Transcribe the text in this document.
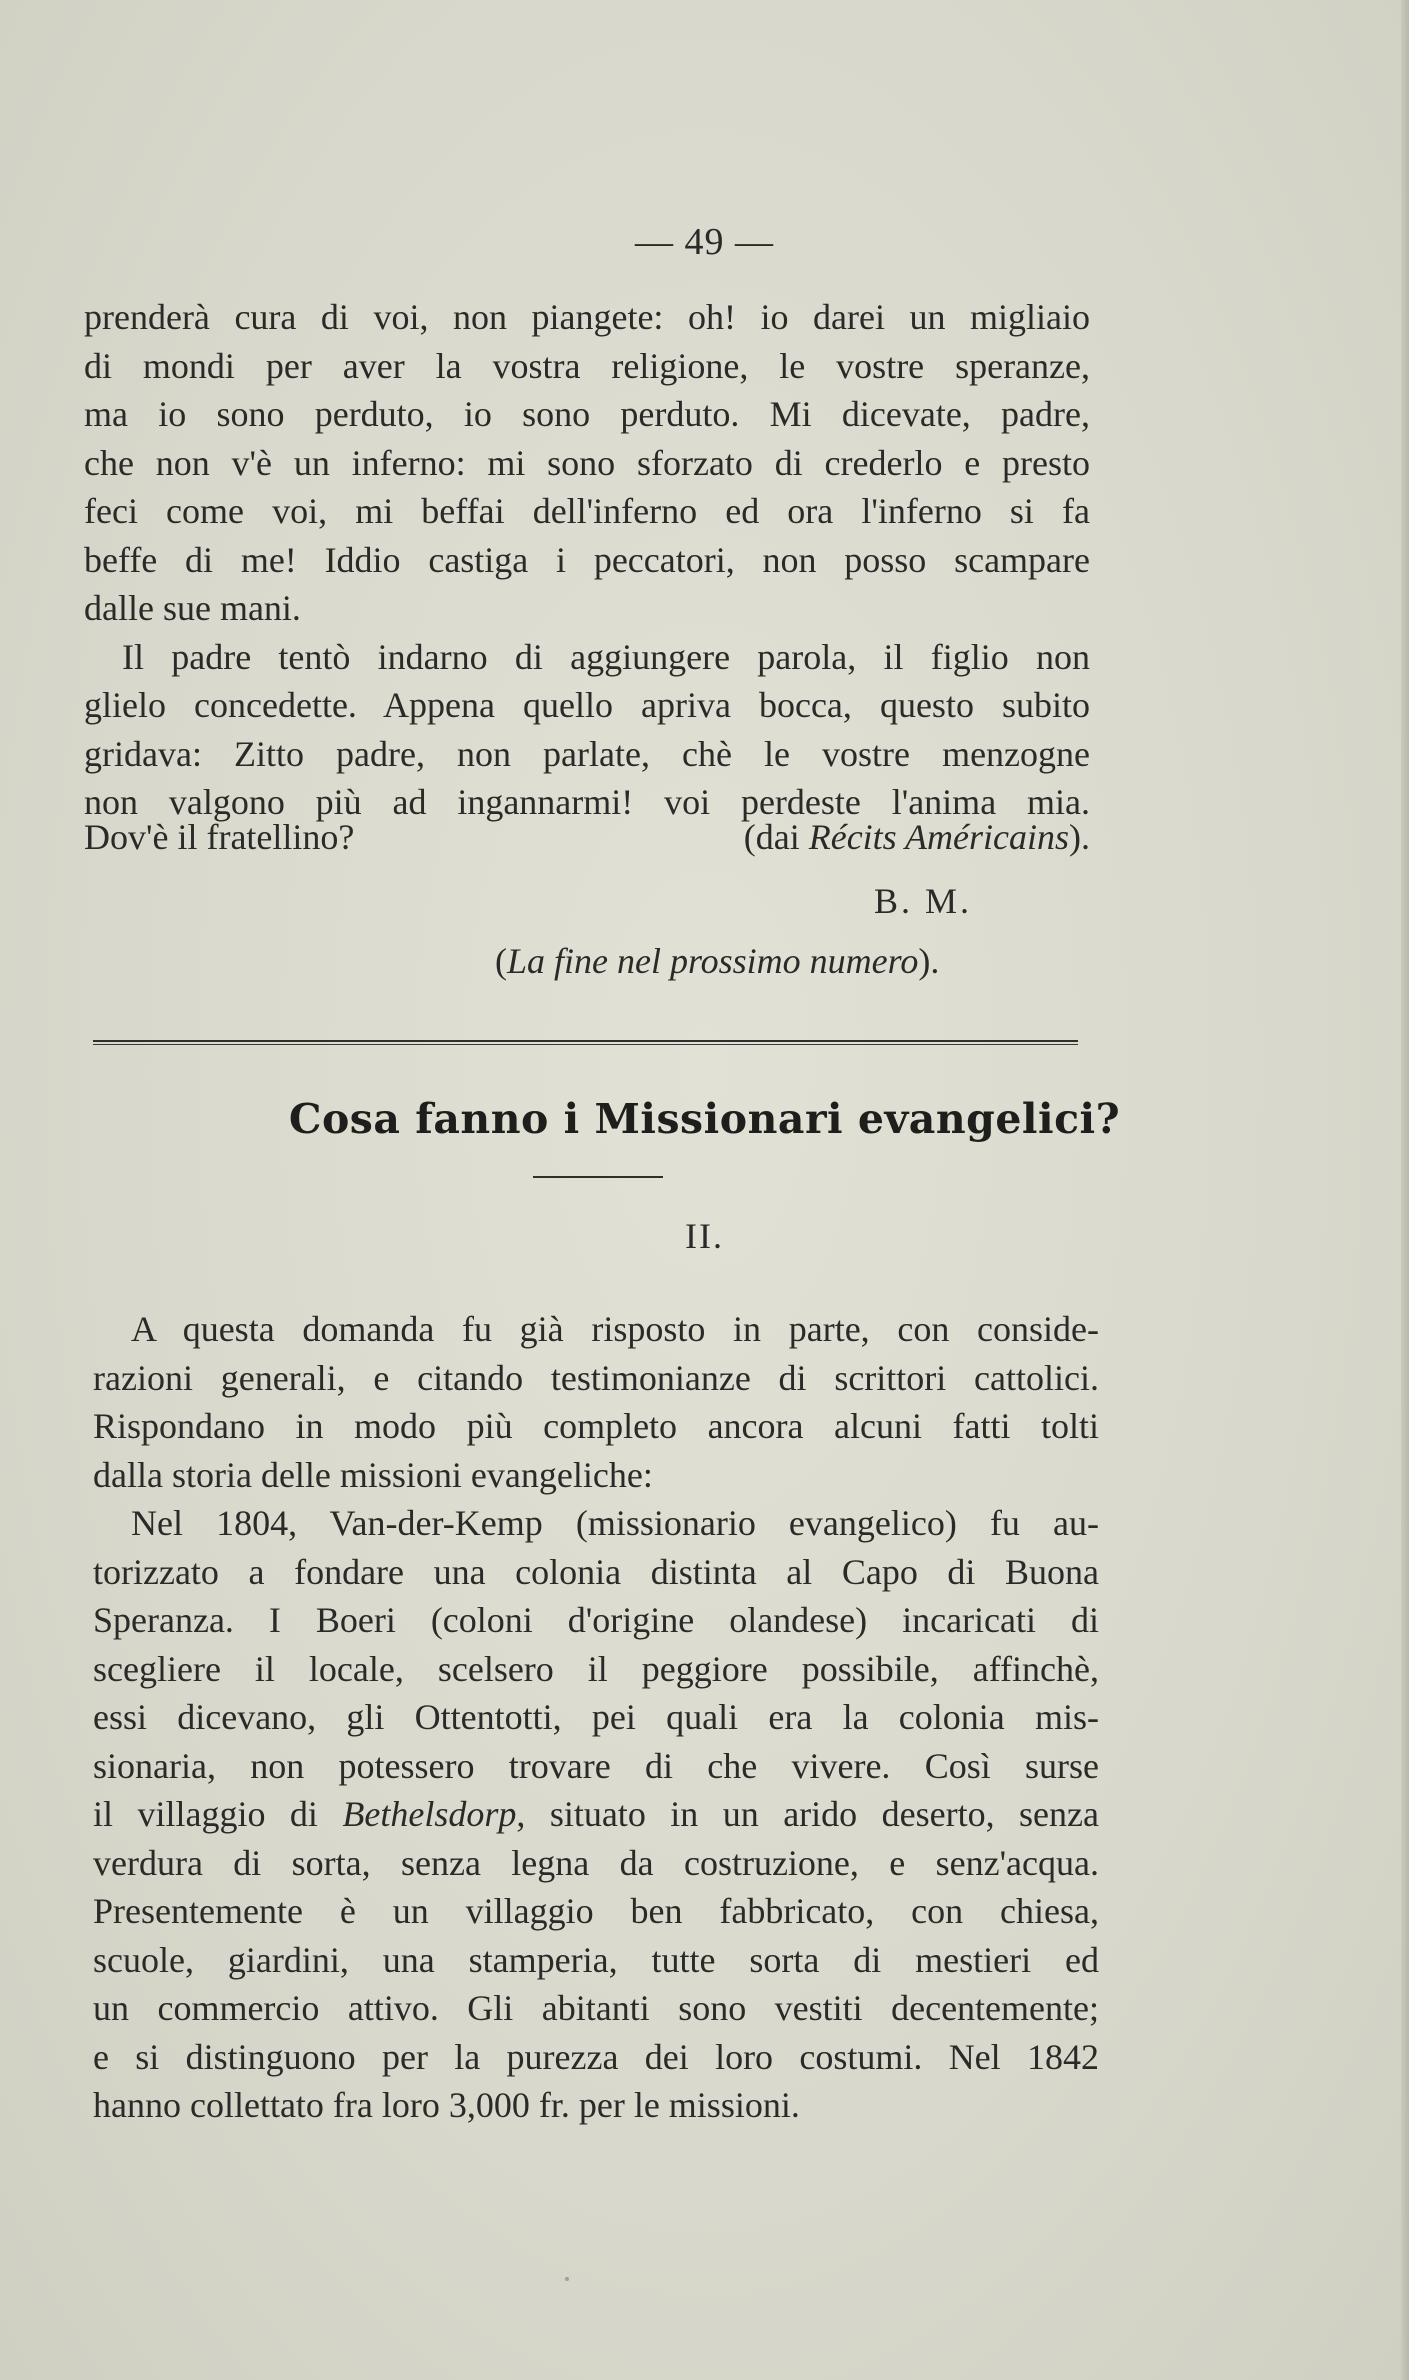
— 49 —

prenderà cura di voi, non piangete: oh! io darei un migliaio

di mondi per aver la vostra religione, le vostre speranze,

ma io sono perduto, io sono perduto. Mi dicevate, padre,

che non v'è un inferno: mi sono sforzato di crederlo e presto

feci come voi, mi beffai dell'inferno ed ora l'inferno si fa

beffe di me! Iddio castiga i peccatori, non posso scampare

dalle sue mani.

Il padre tentò indarno di aggiungere parola, il figlio non

glielo concedette. Appena quello apriva bocca, questo subito

gridava: Zitto padre, non parlate, chè le vostre menzogne

non valgono più ad ingannarmi! voi perdeste l'anima mia.

Dov'è il fratellino?	(dai Récits Américains).
B. M.
(La fine nel prossimo numero).
Cosa fanno i Missionari evangelici?
II.

A questa domanda fu già risposto in parte, con conside-

razioni generali, e citando testimonianze di scrittori cattolici.

Rispondano in modo più completo ancora alcuni fatti tolti

dalla storia delle missioni evangeliche:

Nel 1804, Van-der-Kemp (missionario evangelico) fu au-

torizzato a fondare una colonia distinta al Capo di Buona

Speranza. I Boeri (coloni d'origine olandese) incaricati di

scegliere il locale, scelsero il peggiore possibile, affinchè,

essi dicevano, gli Ottentotti, pei quali era la colonia mis-

sionaria, non potessero trovare di che vivere. Così surse

il villaggio di Bethelsdorp, situato in un arido deserto, senza

verdura di sorta, senza legna da costruzione, e senz'acqua.

Presentemente è un villaggio ben fabbricato, con chiesa,

scuole, giardini, una stamperia, tutte sorta di mestieri ed

un commercio attivo. Gli abitanti sono vestiti decentemente;

e si distinguono per la purezza dei loro costumi. Nel 1842

hanno collettato fra loro 3,000 fr. per le missioni.
